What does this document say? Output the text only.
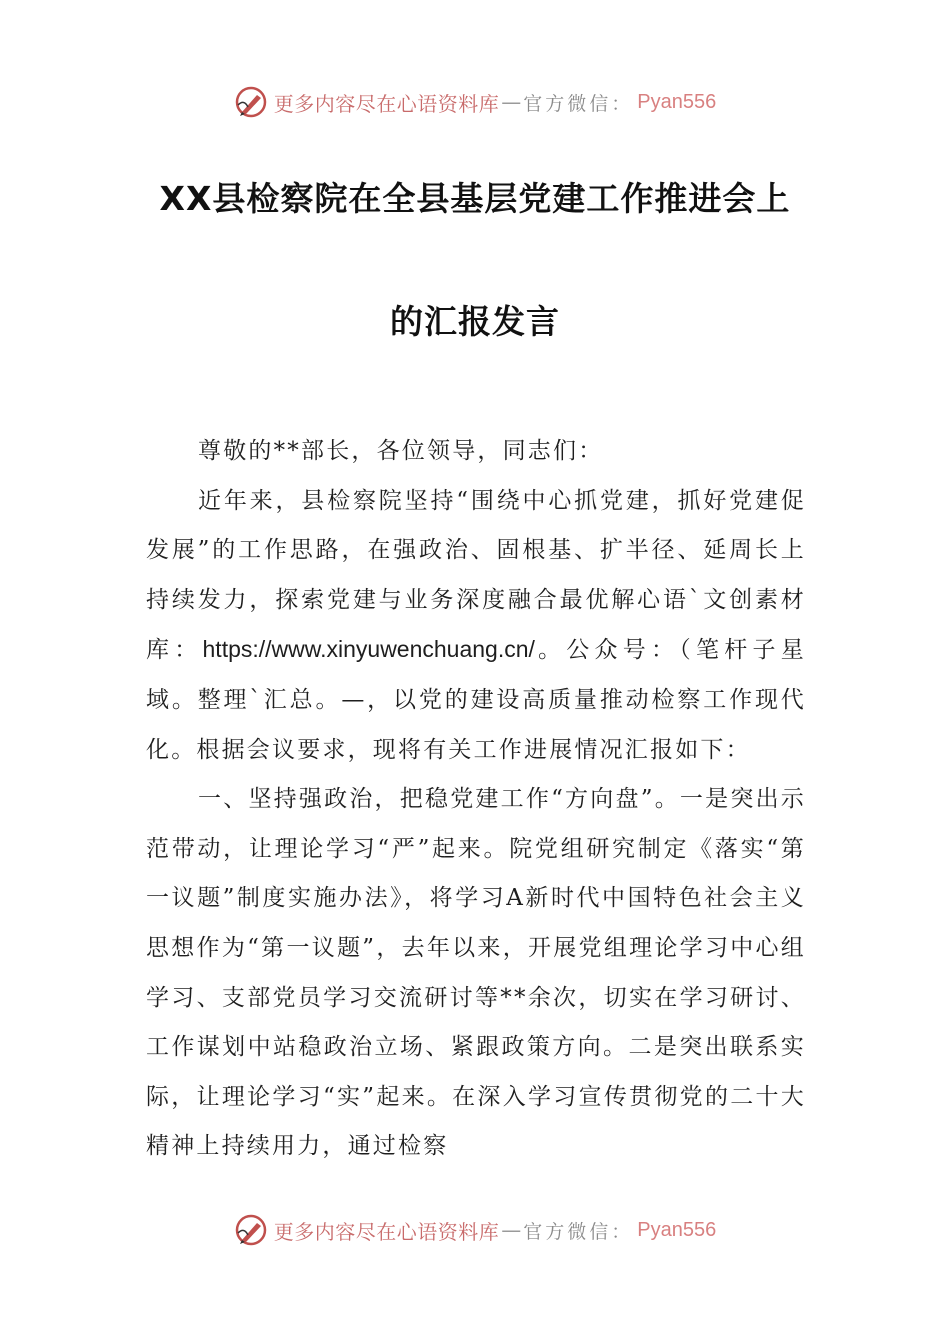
更多内容尽在心语资料库 — 官方微信： Pyan556
XX县检察院在全县基层党建工作推进会上
的汇报发言

尊敬的**部长，各位领导，同志们：

近年来，县检察院坚持“围绕中心抓党建，抓好党建促发展”的工作思路，在强政治、固根基、扩半径、延周长上持续发力，探索党建与业务深度融合最优解心语`文创素材库：https://www.xinyuwenchuang.cn/。公众号：（笔杆子星域。整理`汇总。—，以党的建设高质量推动检察工作现代化。根据会议要求，现将有关工作进展情况汇报如下：

一、坚持强政治，把稳党建工作“方向盘”。一是突出示范带动，让理论学习“严”起来。院党组研究制定《落实“第一议题”制度实施办法》，将学习A新时代中国特色社会主义思想作为“第一议题”，去年以来，开展党组理论学习中心组学习、支部党员学习交流研讨等**余次，切实在学习研讨、工作谋划中站稳政治立场、紧跟政策方向。二是突出联系实际，让理论学习“实”起来。在深入学习宣传贯彻党的二十大精神上持续用力，通过检察

更多内容尽在心语资料库 — 官方微信： Pyan556
